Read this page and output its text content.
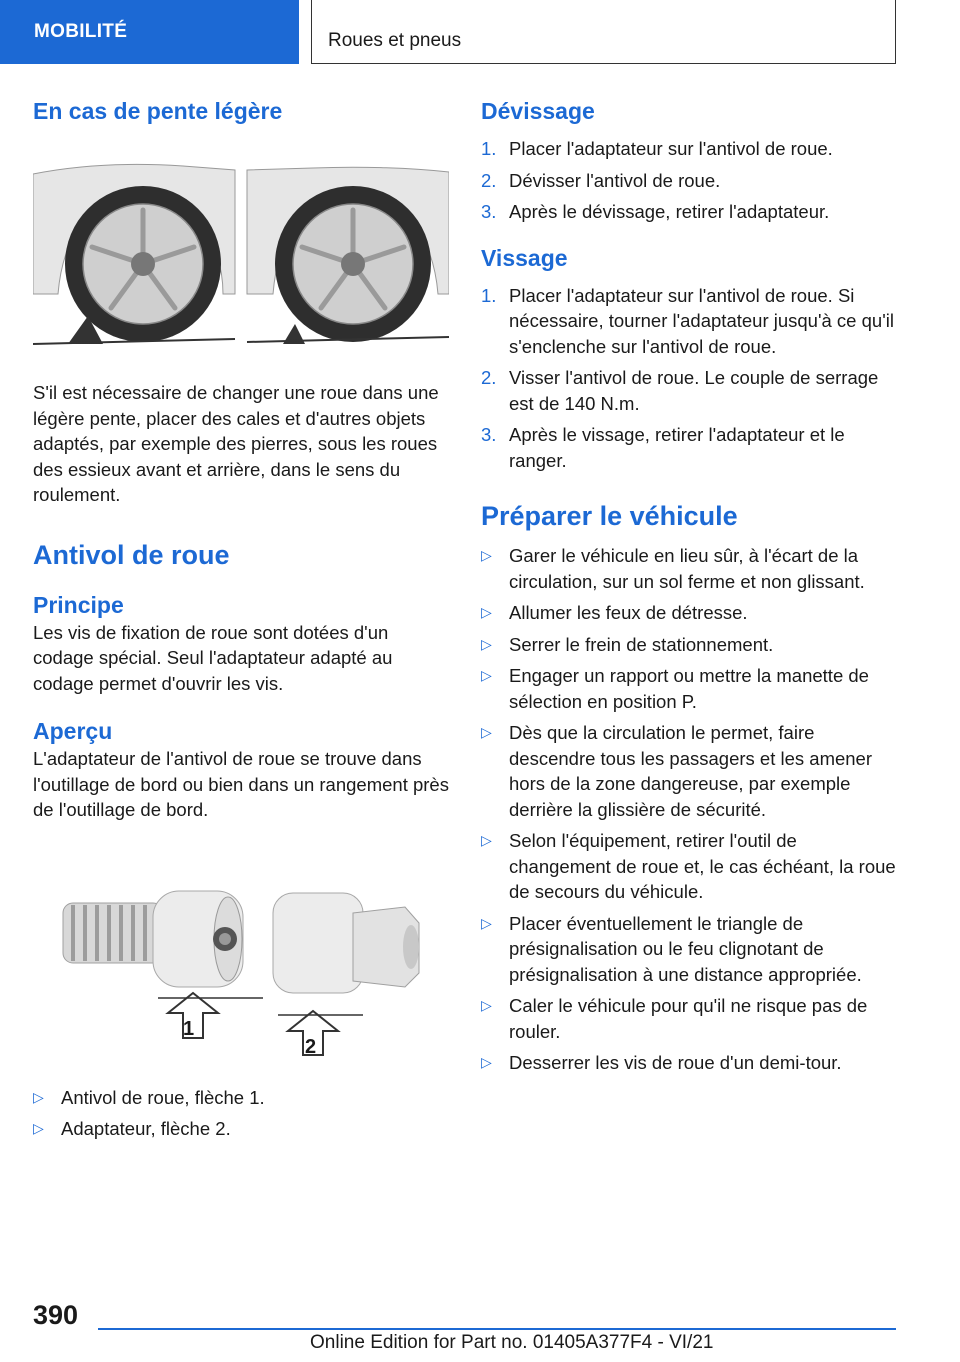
MOBILITÉ	Roues et pneus
En cas de pente légère

S'il est nécessaire de changer une roue dans une légère pente, placer des cales et d'autres objets adaptés, par exemple des pierres, sous les roues des essieux avant et arrière, dans le sens du roulement.

Antivol de roue
Principe

Les vis de fixation de roue sont dotées d'un codage spécial. Seul l'adaptateur adapté au codage permet d'ouvrir les vis.

Aperçu

L'adaptateur de l'antivol de roue se trouve dans l'outillage de bord ou bien dans un rangement près de l'outillage de bord.

1
2
▷ Antivol de roue, flèche 1.
▷ Adaptateur, flèche 2.
Dévissage
1. Placer l'adaptateur sur l'antivol de roue.
2. Dévisser l'antivol de roue.
3. Après le dévissage, retirer l'adaptateur.
Vissage
1. Placer l'adaptateur sur l'antivol de roue. Si nécessaire, tourner l'adaptateur jusqu'à ce qu'il s'enclenche sur l'antivol de roue.
2. Visser l'antivol de roue. Le couple de serrage est de 140 N.m.
3. Après le vissage, retirer l'adaptateur et le ranger.
Préparer le véhicule
▷ Garer le véhicule en lieu sûr, à l'écart de la circulation, sur un sol ferme et non glissant.
▷ Allumer les feux de détresse.
▷ Serrer le frein de stationnement.
▷ Engager un rapport ou mettre la manette de sélection en position P.
▷ Dès que la circulation le permet, faire descendre tous les passagers et les amener hors de la zone dangereuse, par exemple derrière la glissière de sécurité.
▷ Selon l'équipement, retirer l'outil de changement de roue et, le cas échéant, la roue de secours du véhicule.
▷ Placer éventuellement le triangle de présignalisation ou le feu clignotant de présignalisation à une distance appropriée.
▷ Caler le véhicule pour qu'il ne risque pas de rouler.
▷ Desserrer les vis de roue d'un demi-tour.
390
Online Edition for Part no. 01405A377F4 - VI/21
